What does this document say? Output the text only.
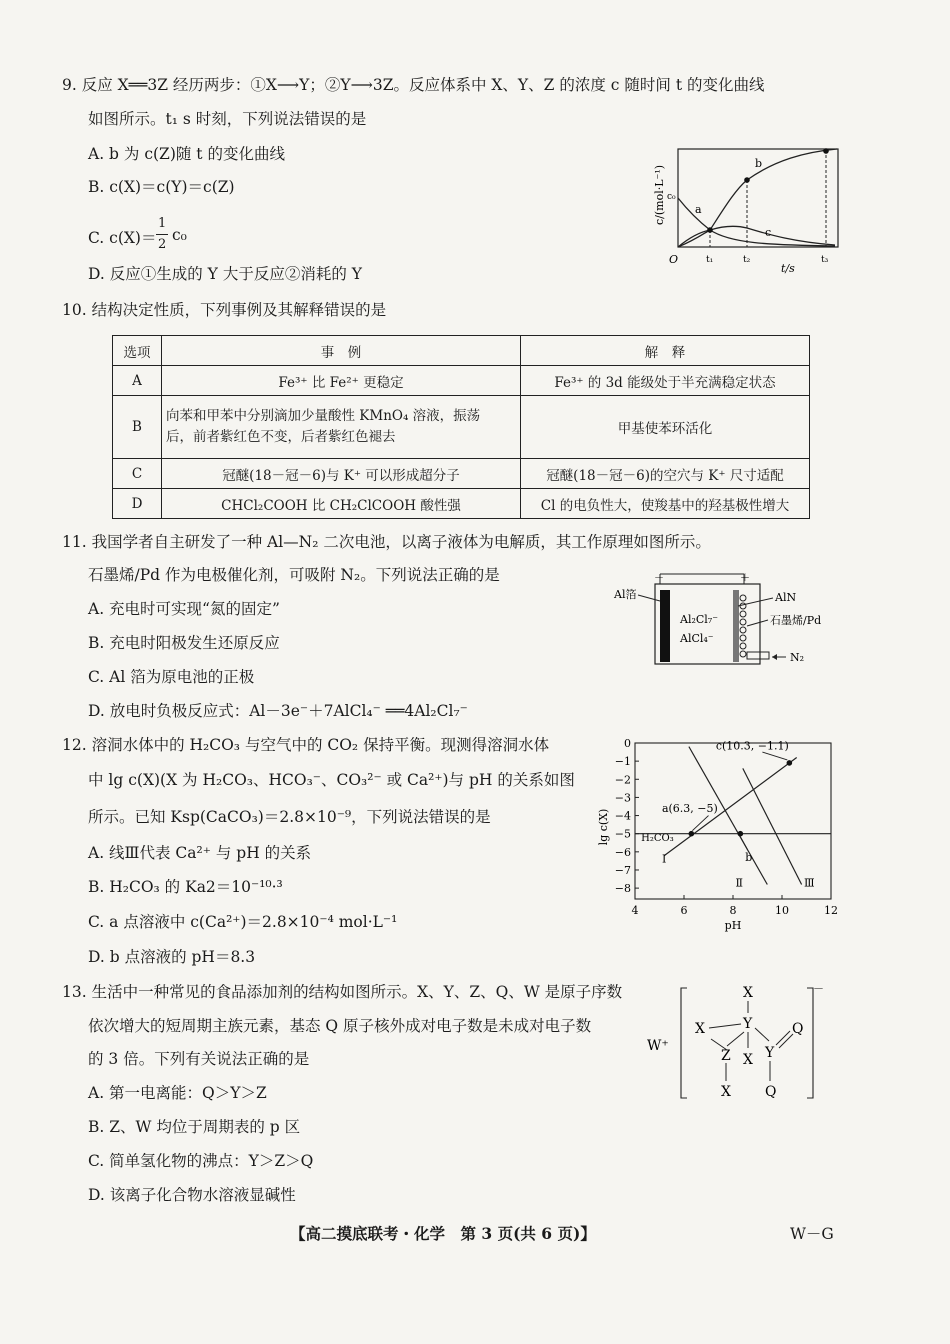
9. 反应 X══3Z 经历两步：①X⟶Y；②Y⟶3Z。反应体系中 X、Y、Z 的浓度 c 随时间 t 的变化曲线
如图所示。t₁ s 时刻，下列说法错误的是
A. b 为 c(Z)随 t 的变化曲线
B. c(X)＝c(Y)＝c(Z)
C. c(X)＝
1
2
c₀
D. 反应①生成的 Y 大于反应②消耗的 Y
c/(mol·L⁻¹) c₀
O	t₁	t₂	t₃
t/s
a
b
c
10. 结构决定性质，下列事例及其解释错误的是
选项	事　例	解　释
A	Fe³⁺ 比 Fe²⁺ 更稳定	Fe³⁺ 的 3d 能级处于半充满稳定状态
B	向苯和甲苯中分别滴加少量酸性 KMnO₄ 溶液，振荡
后，前者紫红色不变，后者紫红色褪去	甲基使苯环活化
C	冠醚(18－冠－6)与 K⁺ 可以形成超分子	冠醚(18－冠－6)的空穴与 K⁺ 尺寸适配
D	CHCl₂COOH 比 CH₂ClCOOH 酸性强	Cl 的电负性大，使羧基中的羟基极性增大
11. 我国学者自主研发了一种 Al—N₂ 二次电池，以离子液体为电解质，其工作原理如图所示。
石墨烯/Pd 作为电极催化剂，可吸附 N₂。下列说法正确的是
A. 充电时可实现“氮的固定”
B. 充电时阳极发生还原反应
C. Al 箔为原电池的正极
D. 放电时负极反应式：Al－3e⁻＋7AlCl₄⁻ ══4Al₂Cl₇⁻
－	＋
N₂
Al箔
Al₂Cl₇⁻
AlCl₄⁻
AlN
石墨烯/Pd
12. 溶洞水体中的 H₂CO₃ 与空气中的 CO₂ 保持平衡。现测得溶洞水体
中 lg c(X)(X 为 H₂CO₃、HCO₃⁻、CO₃²⁻ 或 Ca²⁺)与 pH 的关系如图
所示。已知 Ksp(CaCO₃)＝2.8×10⁻⁹，下列说法错误的是
A. 线Ⅲ代表 Ca²⁺ 与 pH 的关系
B. H₂CO₃ 的 Ka2＝10⁻¹⁰·³
C. a 点溶液中 c(Ca²⁺)＝2.8×10⁻⁴ mol·L⁻¹
D. b 点溶液的 pH＝8.3
0
−1
−2
−3
−4
−5
−6
−7
−8
4	6	8	10	12
H₂CO₃
Ⅰ
Ⅱ	Ⅲ
c(10.3, −1.1)
a(6.3, −5)
b
lg c(X)
pH
13. 生活中一种常见的食品添加剂的结构如图所示。X、Y、Z、Q、W 是原子序数
依次增大的短周期主族元素，基态 Q 原子核外成对电子数是未成对电子数
的 3 倍。下列有关说法正确的是
A. 第一电离能：Q＞Y＞Z
B. Z、W 均位于周期表的 p 区
C. 简单氢化物的沸点：Y＞Z＞Q
D. 该离子化合物水溶液显碱性
W⁺
－
X
Y
X	Q
Z X Y
X Q
【高二摸底联考・化学　第 3 页(共 6 页)】	W－G
